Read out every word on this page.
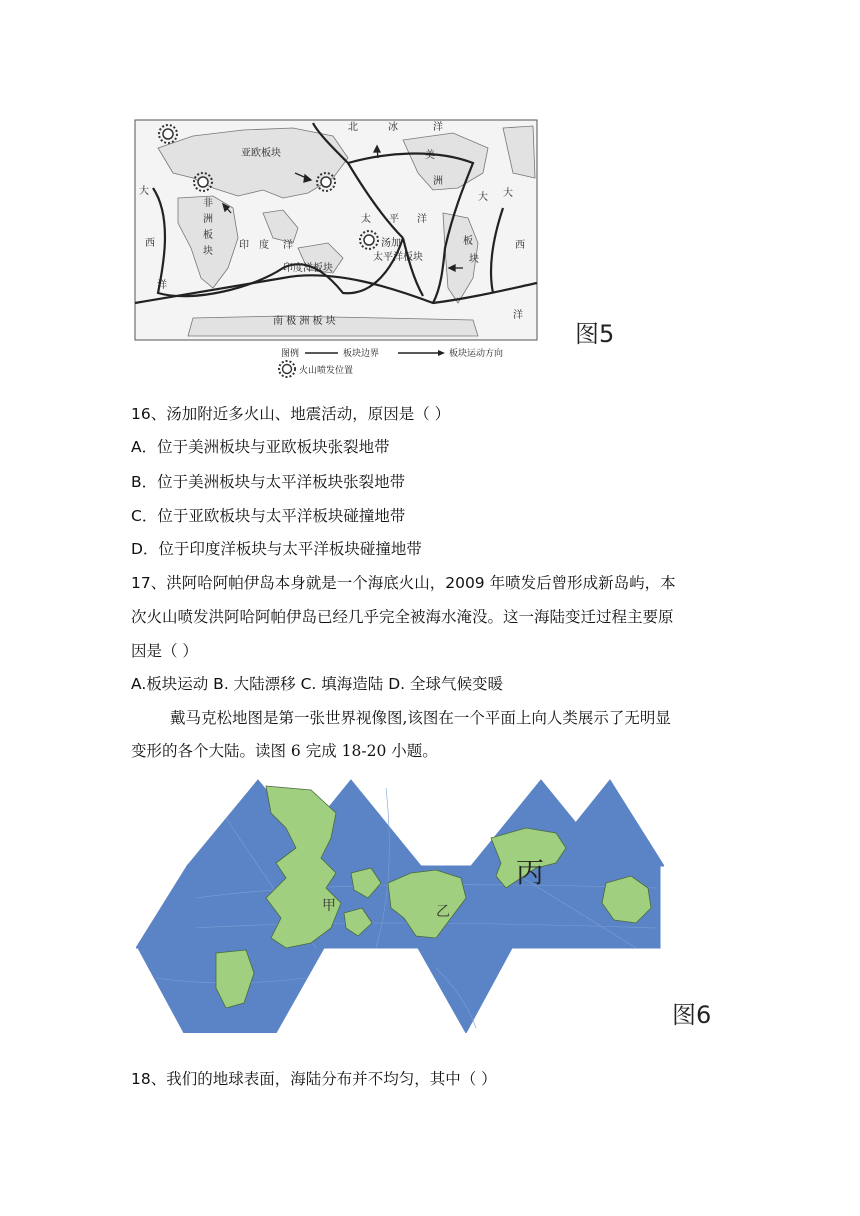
北	冰	洋
亚欧板块	美
洲
大
大
西
洋
非
洲
板
块
太 平 洋
汤加
太平洋板块
印 度 洋
印度洋板块
南 极 洲 板 块
板
块
大
西
洋
图例	板块边界	板块运动方向
火山喷发位置
图5
16、汤加附近多火山、地震活动，原因是（ ）
A．位于美洲板块与亚欧板块张裂地带
B．位于美洲板块与太平洋板块张裂地带
C．位于亚欧板块与太平洋板块碰撞地带
D．位于印度洋板块与太平洋板块碰撞地带
17、洪阿哈阿帕伊岛本身就是一个海底火山，2009 年喷发后曾形成新岛屿，本
次火山喷发洪阿哈阿帕伊岛已经几乎完全被海水淹没。这一海陆变迁过程主要原
因是（ ）
A.板块运动 B. 大陆漂移 C. 填海造陆 D. 全球气候变暖
戴马克松地图是第一张世界视像图,该图在一个平面上向人类展示了无明显
变形的各个大陆。读图 6 完成 18-20 小题。
甲	乙
丙
图6
18、我们的地球表面，海陆分布并不均匀，其中（ ）
